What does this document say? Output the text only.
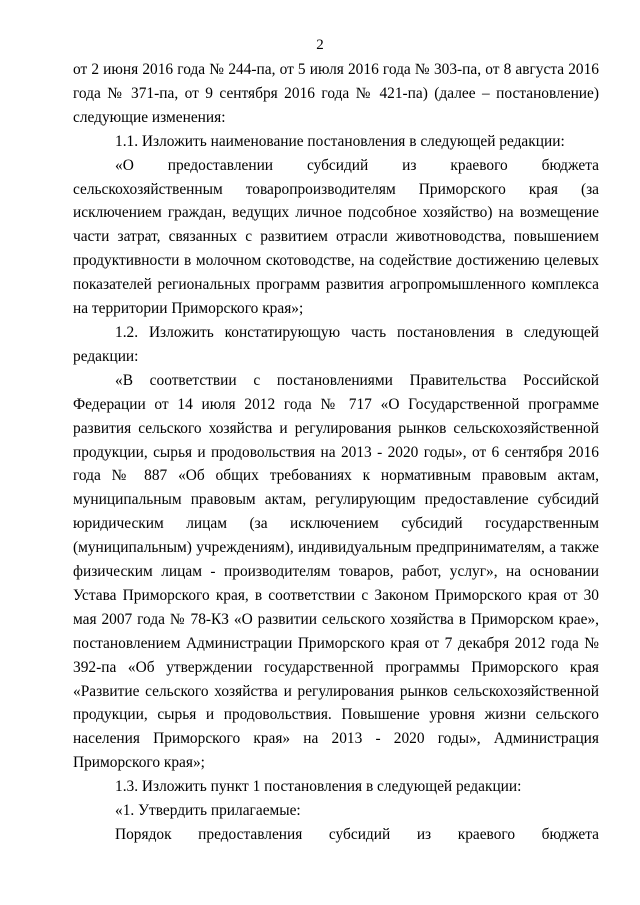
2

от 2 июня 2016 года № 244-па, от 5 июля 2016 года № 303-па, от 8 августа 2016 года № 371-па, от 9 сентября 2016 года № 421-па) (далее – постановление) следующие изменения:

1.1. Изложить наименование постановления в следующей редакции:

«О предоставлении субсидий из краевого бюджета сельскохозяйственным товаропроизводителям Приморского края (за исключением граждан, ведущих личное подсобное хозяйство) на возмещение части затрат, связанных с развитием отрасли животноводства, повышением продуктивности в молочном скотоводстве, на содействие достижению целевых показателей региональных программ развития агропромышленного комплекса на территории Приморского края»;

1.2. Изложить констатирующую часть постановления в следующей редакции:

«В соответствии с постановлениями Правительства Российской Федерации от 14 июля 2012 года № 717 «О Государственной программе развития сельского хозяйства и регулирования рынков сельскохозяйственной продукции, сырья и продовольствия на 2013 - 2020 годы», от 6 сентября 2016 года № 887 «Об общих требованиях к нормативным правовым актам, муниципальным правовым актам, регулирующим предоставление субсидий юридическим лицам (за исключением субсидий государственным (муниципальным) учреждениям), индивидуальным предпринимателям, а также физическим лицам - производителям товаров, работ, услуг», на основании Устава Приморского края, в соответствии с Законом Приморского края от 30 мая 2007 года № 78-КЗ «О развитии сельского хозяйства в Приморском крае», постановлением Администрации Приморского края от 7 декабря 2012 года № 392-па «Об утверждении государственной программы Приморского края «Развитие сельского хозяйства и регулирования рынков сельскохозяйственной продукции, сырья и продовольствия. Повышение уровня жизни сельского населения Приморского края» на 2013 - 2020 годы», Администрация Приморского края»;

1.3. Изложить пункт 1 постановления в следующей редакции:

«1. Утвердить прилагаемые:

Порядок предоставления субсидий из краевого бюджета
